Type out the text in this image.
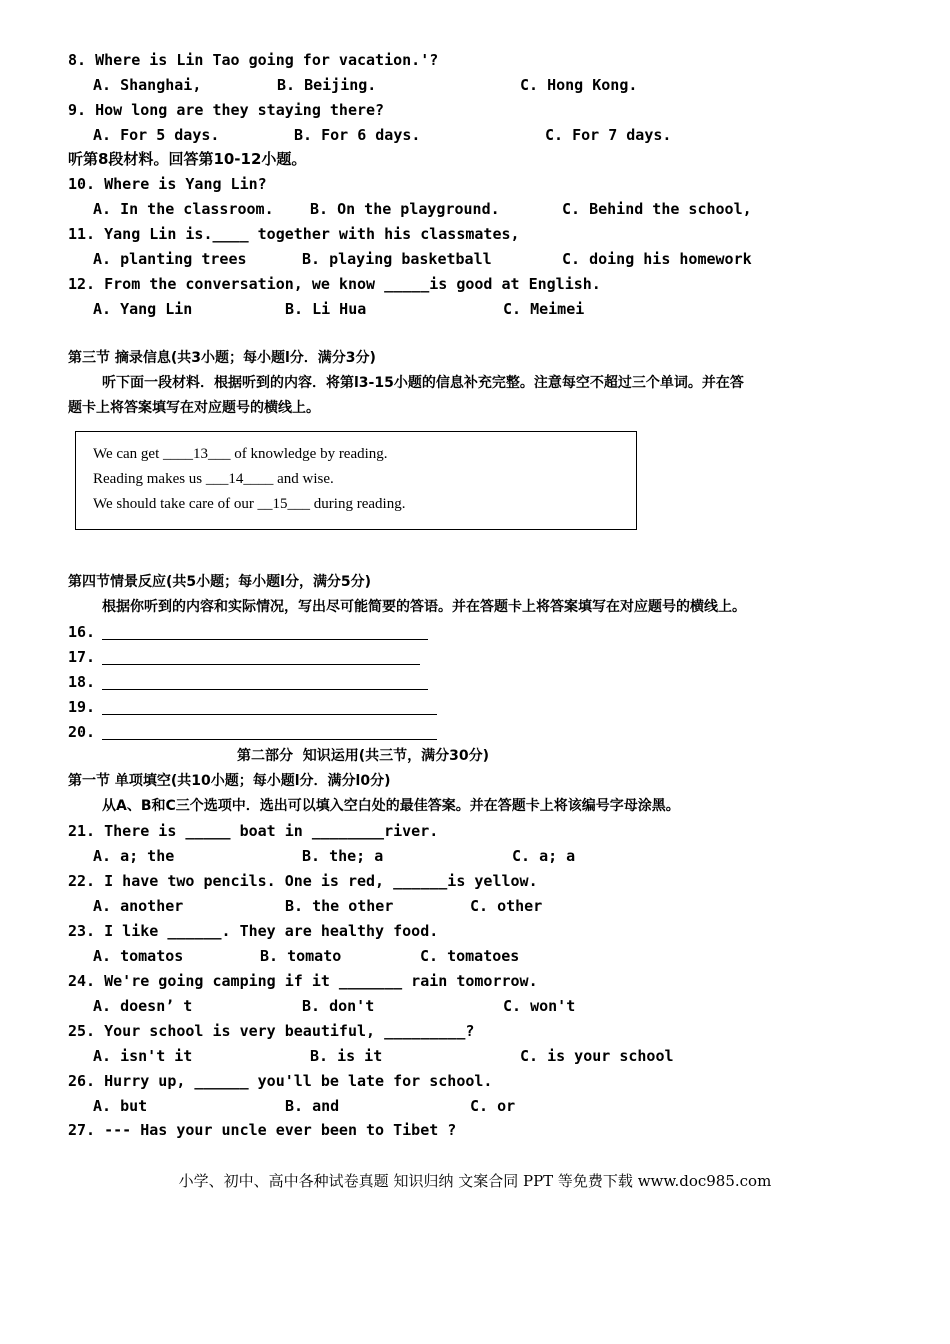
8. Where is Lin Tao going for vacation.'?
A. Shanghai,	B. Beijing.	C. Hong Kong.
9. How long are they staying there?
A. For 5 days.	B. For 6 days.	C. For 7 days.
听第8段材料。回答第10-12小题。
10. Where is Yang Lin?
A. In the classroom. B. On the playground.	C. Behind the school,
11. Yang Lin is.____ together with his classmates,
A. planting trees	B. playing basketball	C. doing his homework
12. From the conversation, we know _____is good at English.
A. Yang Lin	B. Li Hua	C. Meimei
第三节 摘录信息(共3小题；每小题l分．满分3分)
听下面一段材料．根据听到的内容．将第l3-15小题的信息补充完整。注意每空不超过三个单词。并在答
题卡上将答案填写在对应题号的横线上。
We can get ____13___ of knowledge by reading.
Reading makes us ___14____ and wise.
We should take care of our __15___ during reading.
第四节情景反应(共5小题；每小题l分，满分5分)
根据你听到的内容和实际情况，写出尽可能简要的答语。并在答题卡上将答案填写在对应题号的横线上。
16.
17.
18.
19.
20.
第二部分  知识运用(共三节，满分30分)
第一节 单项填空(共10小题；每小题l分．满分l0分)
从A、B和C三个选项中．选出可以填入空白处的最佳答案。并在答题卡上将该编号字母涂黑。
21. There is _____ boat in ________river.
A. a; the	B. the; a	C. a; a
22. I have two pencils. One is red, ______is yellow.
A. another	B. the other	C. other
23. I like ______. They are healthy food.
A. tomatos	B. tomato	C. tomatoes
24. We're going camping if it _______ rain tomorrow.
A. doesn’ t	B. don't	C. won't
25. Your school is very beautiful, _________?
A. isn't it	B. is it	C. is your school
26. Hurry up, ______ you'll be late for school.
A. but	B. and	C. or
27. --- Has your uncle ever been to Tibet ?
小学、初中、高中各种试卷真题 知识归纳 文案合同 PPT 等免费下载 www.doc985.com
